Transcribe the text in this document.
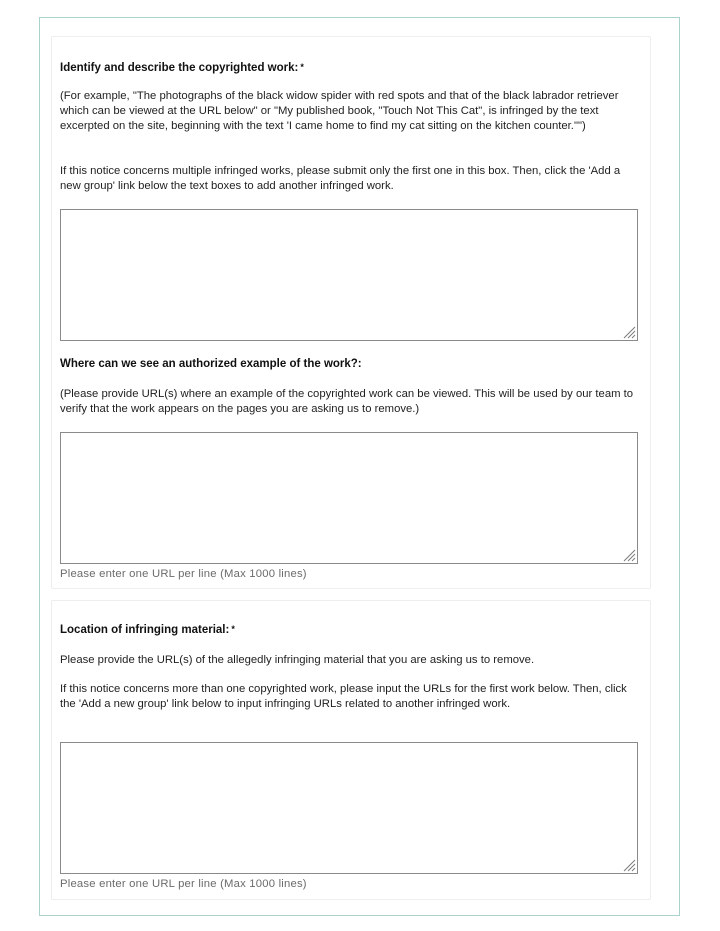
Identify and describe the copyrighted work: *

(For example, "The photographs of the black widow spider with red spots and that of the black labrador retriever which can be viewed at the URL below" or "My published book, "Touch Not This Cat", is infringed by the text excerpted on the site, beginning with the text 'I came home to find my cat sitting on the kitchen counter."")

If this notice concerns multiple infringed works, please submit only the first one in this box. Then, click the 'Add a new group' link below the text boxes to add another infringed work.

Where can we see an authorized example of the work?:

(Please provide URL(s) where an example of the copyrighted work can be viewed. This will be used by our team to verify that the work appears on the pages you are asking us to remove.)

Please enter one URL per line (Max 1000 lines)
Location of infringing material: *

Please provide the URL(s) of the allegedly infringing material that you are asking us to remove.

If this notice concerns more than one copyrighted work, please input the URLs for the first work below. Then, click the 'Add a new group' link below to input infringing URLs related to another infringed work.

Please enter one URL per line (Max 1000 lines)
